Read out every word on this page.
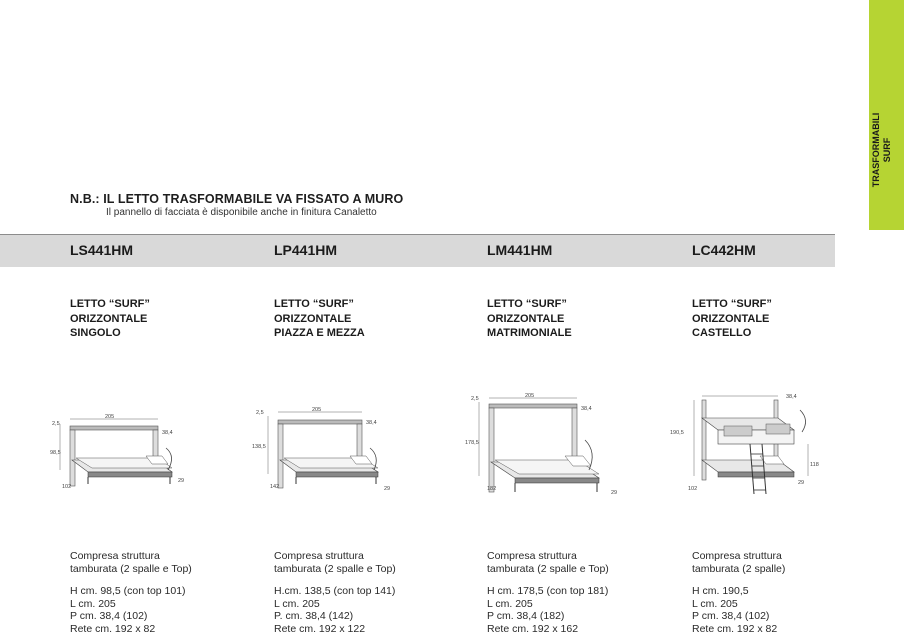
TRASFORMABILI SURF
N.B.: IL LETTO TRASFORMABILE VA FISSATO A MURO
Il pannello di facciata è disponibile anche in finitura Canaletto
LS441HM	LP441HM	LM441HM	LC442HM
LETTO “SURF”
ORIZZONTALE
SINGOLO
LETTO “SURF”
ORIZZONTALE
PIAZZA E MEZZA
LETTO “SURF”
ORIZZONTALE
MATRIMONIALE
LETTO “SURF”
ORIZZONTALE
CASTELLO
205
2,5
98,5
38,4
102
29
205
2,5
138,5
38,4
142	29
205
2,5
178,5
38,4
182
29
38,4
190,5
118
102
29
Compresa struttura
tamburata (2 spalle e Top)
H cm. 98,5 (con top 101)
L cm. 205
P cm. 38,4 (102)
Rete cm. 192 x 82
Compresa struttura
tamburata (2 spalle e Top)
H.cm. 138,5 (con top 141)
L cm. 205
P. cm. 38,4 (142)
Rete cm. 192 x 122
Compresa struttura
tamburata (2 spalle e Top)
H cm. 178,5 (con top 181)
L cm. 205
P cm. 38,4 (182)
Rete cm. 192 x 162
Compresa struttura
tamburata (2 spalle)
H cm. 190,5
L cm. 205
P cm. 38,4 (102)
Rete cm. 192 x 82
